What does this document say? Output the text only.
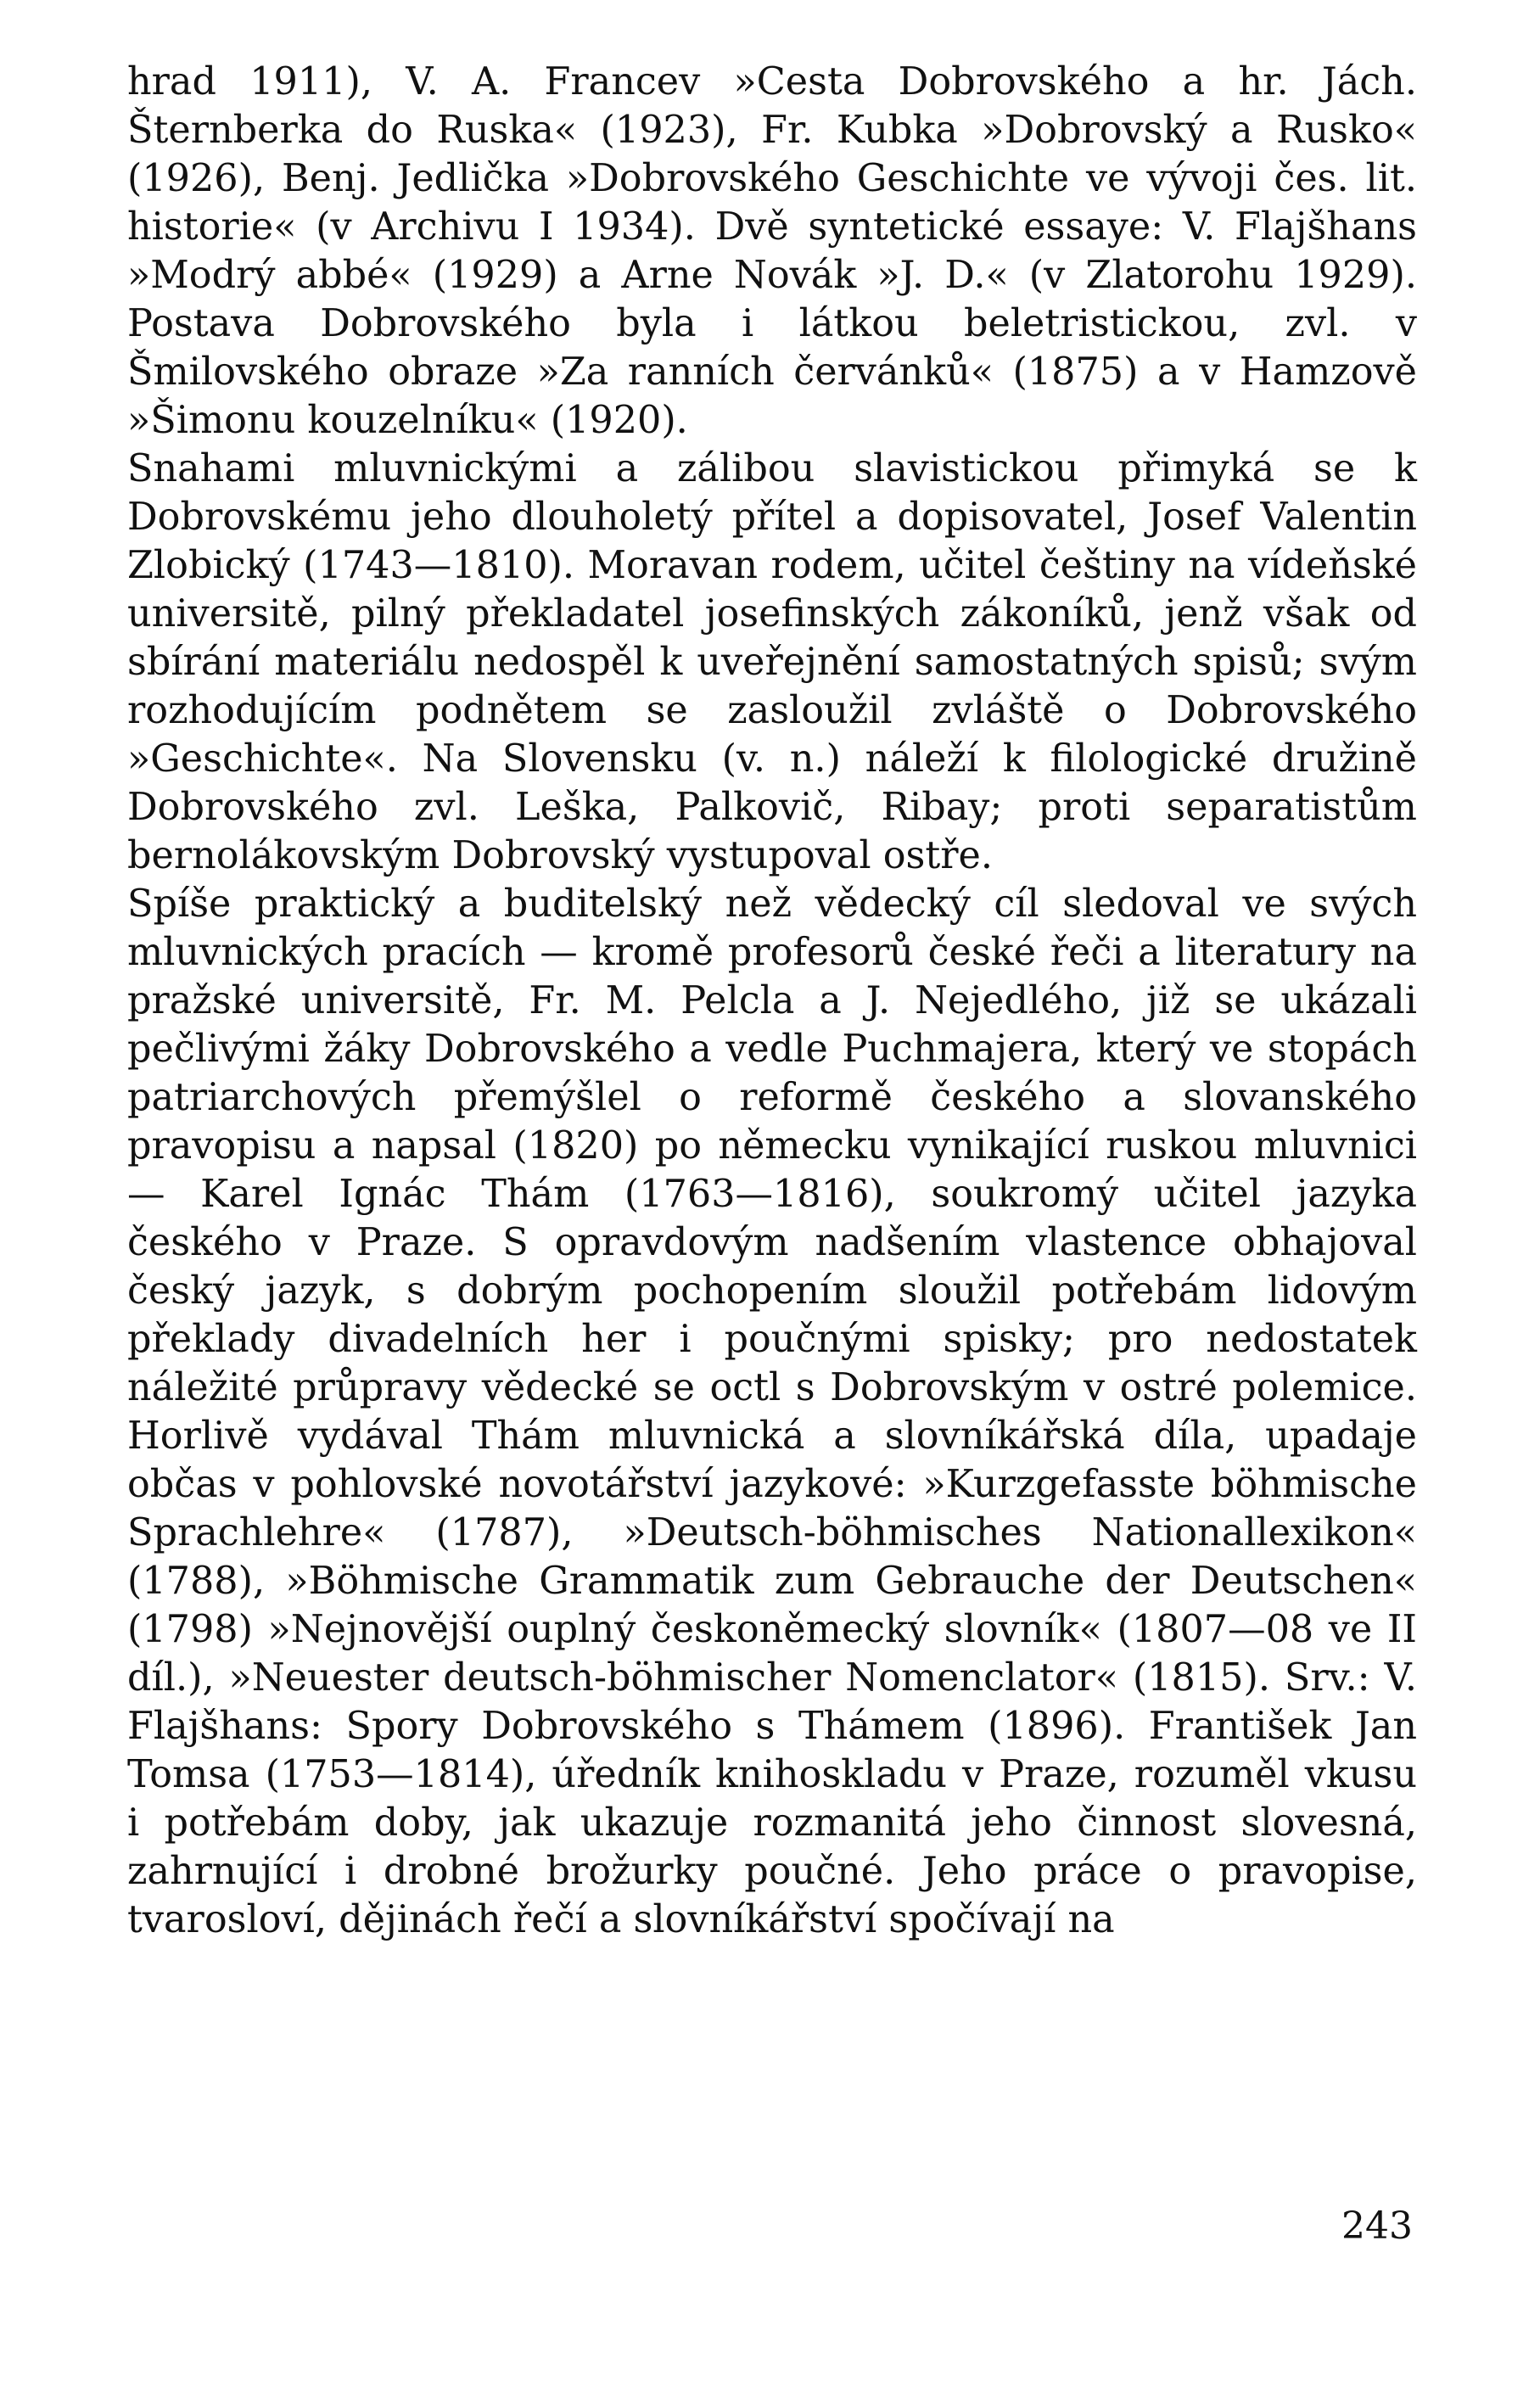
hrad 1911), V. A. Francev »Cesta Dobrovského a hr. Jách. Šternberka do Ruska« (1923), Fr. Kubka »Dobrovský a Rusko« (1926), Benj. Jedlička »Dobrovského Geschichte ve vývoji čes. lit. historie« (v Archivu I 1934). Dvě syntetické essaye: V. Flajšhans »Modrý abbé« (1929) a Arne Novák »J. D.« (v Zlatorohu 1929). Postava Dobrovského byla i látkou beletristickou, zvl. v Šmilovského obraze »Za ranních červánků« (1875) a v Hamzově »Šimonu kouzelníku« (1920).

Snahami mluvnickými a zálibou slavistickou přimyká se k Dobrovskému jeho dlouholetý přítel a dopisovatel, Josef Valentin Zlobický (1743—1810). Moravan rodem, učitel češtiny na vídeňské universitě, pilný překladatel josefinských zákoníků, jenž však od sbírání materiálu nedospěl k uveřejnění samostatných spisů; svým rozhodujícím podnětem se zasloužil zvláště o Dobrovského »Geschichte«. Na Slovensku (v. n.) náleží k filologické družině Dobrovského zvl. Leška, Palkovič, Ribay; proti separatistům bernolákovským Dobrovský vystupoval ostře.

Spíše praktický a buditelský než vědecký cíl sledoval ve svých mluvnických pracích — kromě profesorů české řeči a literatury na pražské universitě, Fr. M. Pelcla a J. Nejedlého, již se ukázali pečlivými žáky Dobrovského a vedle Puchmajera, který ve stopách patriarchových přemýšlel o reformě českého a slovanského pravopisu a napsal (1820) po německu vynikající ruskou mluvnici — Karel Ignác Thám (1763—1816), soukromý učitel jazyka českého v Praze. S opravdovým nadšením vlastence obhajoval český jazyk, s dobrým pochopením sloužil potřebám lidovým překlady divadelních her i poučnými spisky; pro nedostatek náležité průpravy vědecké se octl s Dobrovským v ostré polemice. Horlivě vydával Thám mluvnická a slovníkářská díla, upadaje občas v pohlovské novotářství jazykové: »Kurzgefasste böhmische Sprachlehre« (1787), »Deutsch-böhmisches Nationallexikon« (1788), »Böhmische Grammatik zum Gebrauche der Deutschen« (1798) »Nejnovější ouplný českoněmecký slovník« (1807—08 ve II díl.), »Neuester deutsch-böhmischer Nomenclator« (1815). Srv.: V. Flajšhans: Spory Dobrovského s Thámem (1896). František Jan Tomsa (1753—1814), úředník knihoskladu v Praze, rozuměl vkusu i potřebám doby, jak ukazuje rozmanitá jeho činnost slovesná, zahrnující i drobné brožurky poučné. Jeho práce o pravopise, tvarosloví, dějinách řečí a slovníkářství spočívají na

243
